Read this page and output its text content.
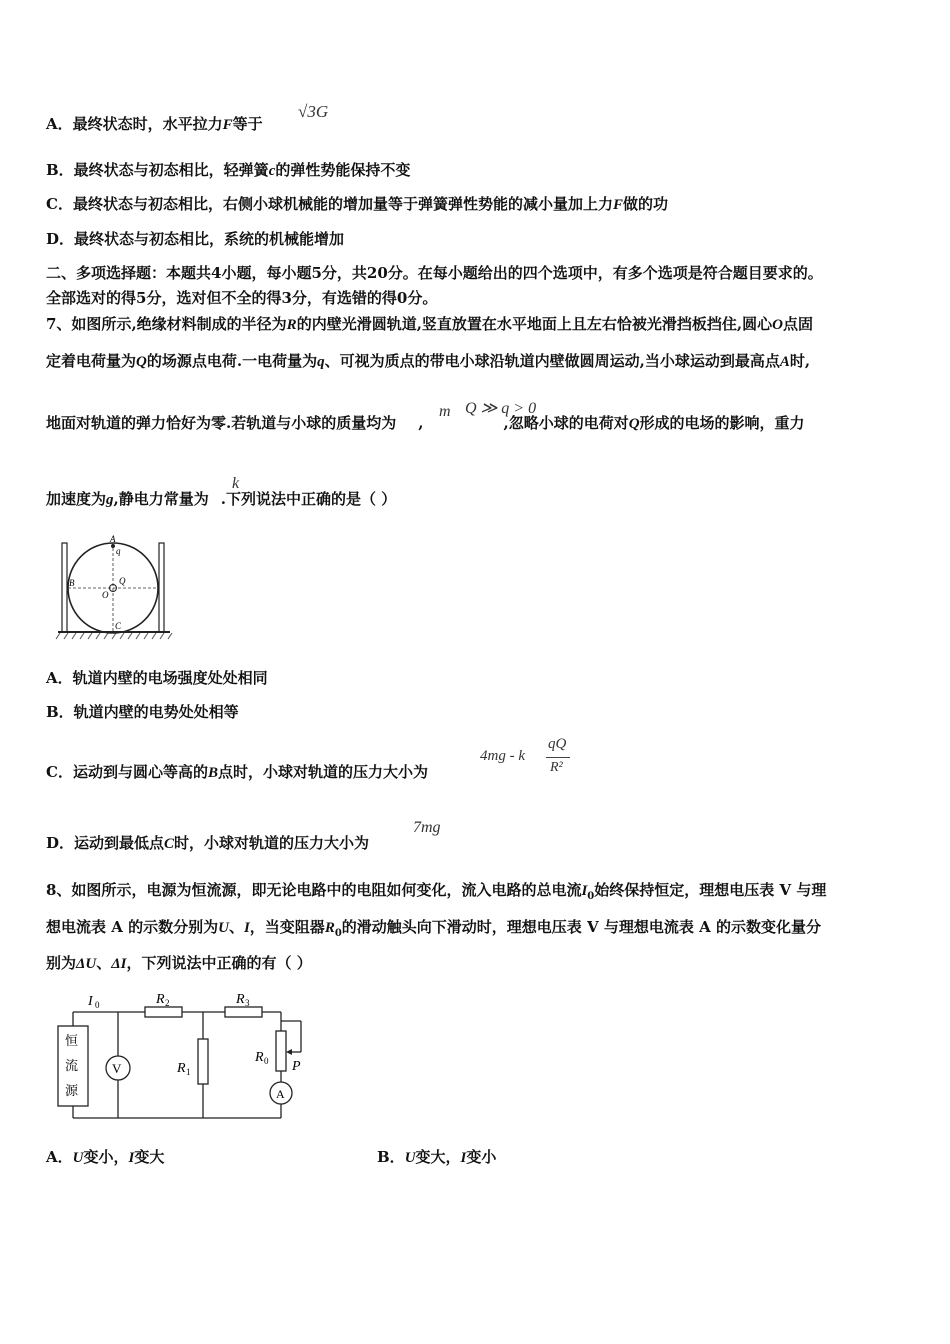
A．最终状态时，水平拉力F等于
√3G
B．最终状态与初态相比，轻弹簧c的弹性势能保持不变
C．最终状态与初态相比，右侧小球机械能的增加量等于弹簧弹性势能的减小量加上力F做的功
D．最终状态与初态相比，系统的机械能增加
二、多项选择题：本题共4小题，每小题5分，共20分。在每小题给出的四个选项中，有多个选项是符合题目要求的。
全部选对的得5分，选对但不全的得3分，有选错的得0分。
7、如图所示,绝缘材料制成的半径为R的内壁光滑圆轨道,竖直放置在水平地面上且左右恰被光滑挡板挡住,圆心O点固
定着电荷量为Q的场源点电荷.一电荷量为q、可视为质点的带电小球沿轨道内壁做圆周运动,当小球运动到最高点A时,
地面对轨道的弹力恰好为零.若轨道与小球的质量均为 ,	,忽略小球的电荷对Q形成的电场的影响，重力
m Q ≫ q > 0
加速度为g,静电力常量为 .下列说法中正确的是（ ）
k
A
q
B	Q
O
C
A．轨道内壁的电场强度处处相同
B．轨道内壁的电势处处相等
C．运动到与圆心等高的B点时，小球对轨道的压力大小为
4mg - k
qQ
R²
D．运动到最低点C时，小球对轨道的压力大小为
7mg
8、如图所示，电源为恒流源，即无论电路中的电阻如何变化，流入电路的总电流$I_0$始终保持恒定，理想电压表 V 与理
想电流表 A 的示数分别为U、I，当变阻器$R_0$的滑动触头向下滑动时，理想电压表 V 与理想电流表 A 的示数变化量分
别为ΔU、ΔI，下列说法中正确的有（ ）
I 0	R 2	R 3
R 1
R 0 P
V
A
恒
流
源
A．U变小，I变大	B．U变大，I变小
